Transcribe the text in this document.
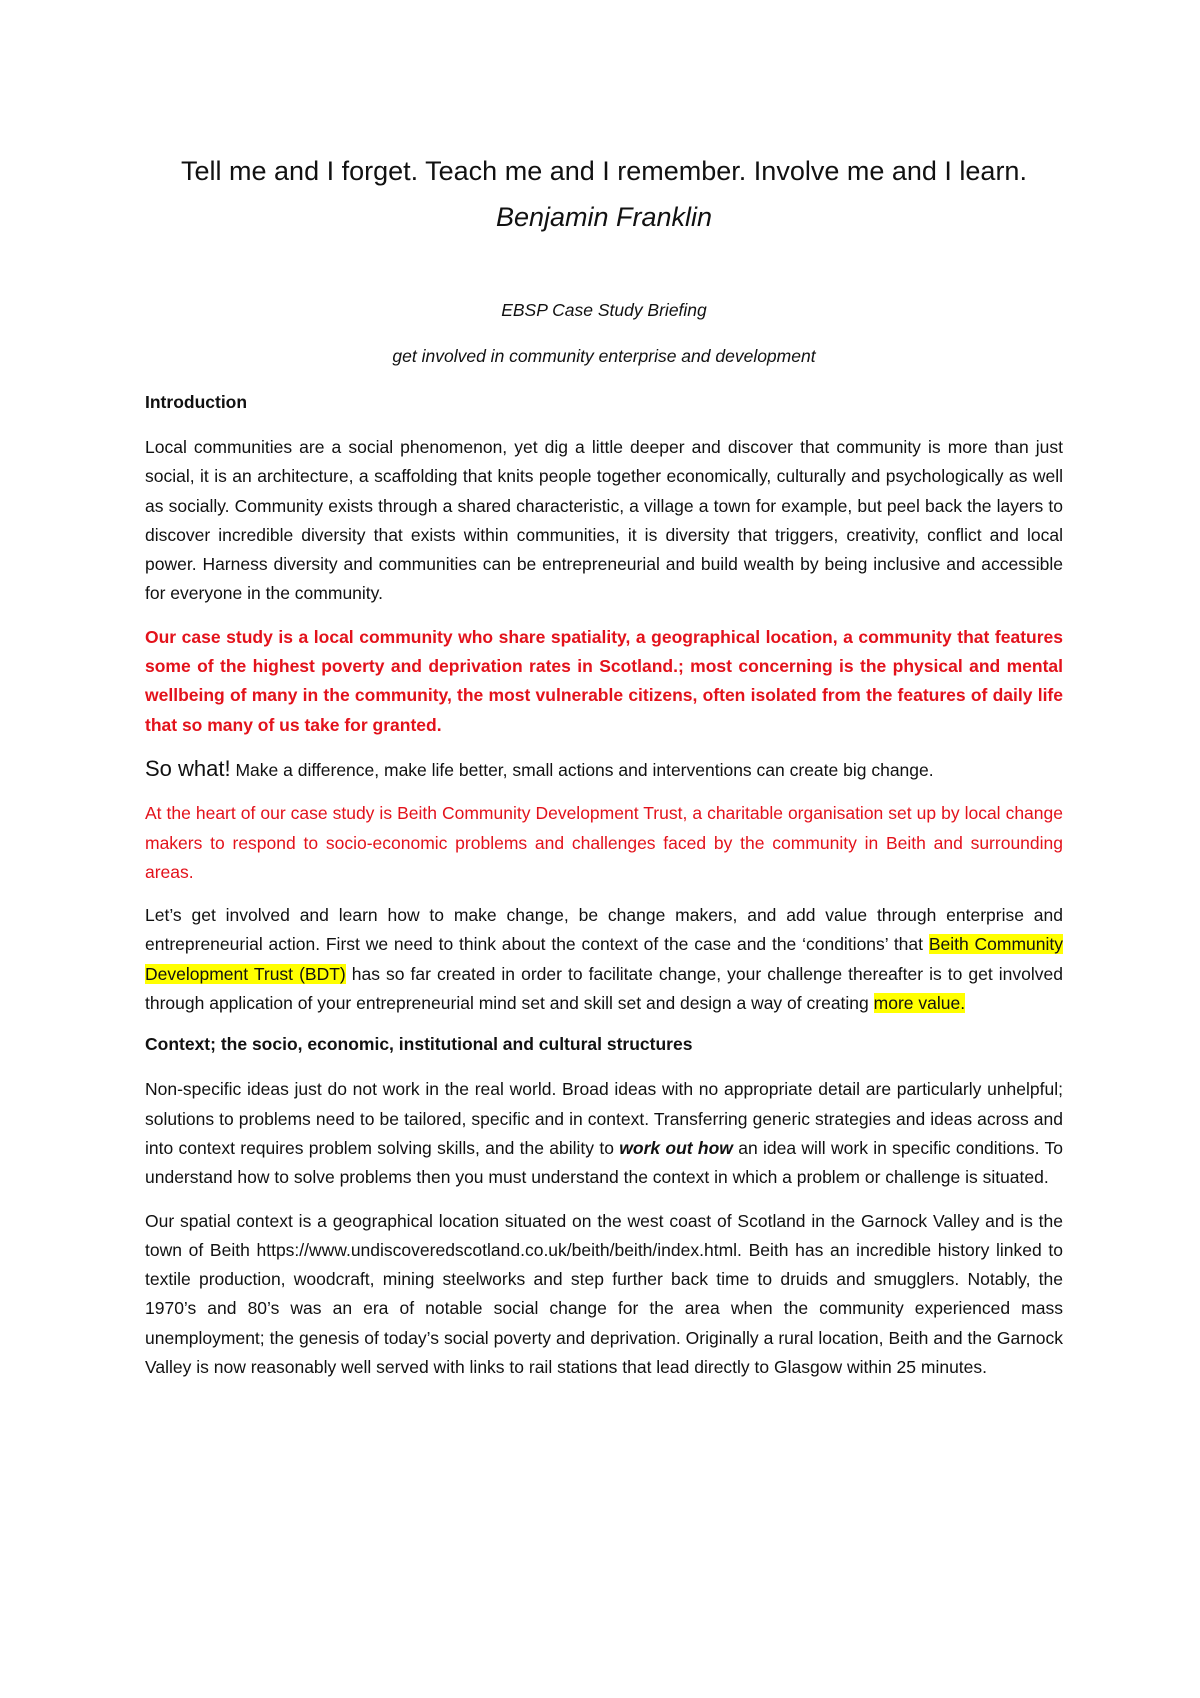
Tell me and I forget. Teach me and I remember. Involve me and I learn. Benjamin Franklin
EBSP Case Study Briefing
get involved in community enterprise and development
Introduction

Local communities are a social phenomenon, yet dig a little deeper and discover that community is more than just social, it is an architecture, a scaffolding that knits people together economically, culturally and psychologically as well as socially. Community exists through a shared characteristic, a village a town for example, but peel back the layers to discover incredible diversity that exists within communities, it is diversity that triggers, creativity, conflict and local power. Harness diversity and communities can be entrepreneurial and build wealth by being inclusive and accessible for everyone in the community.

Our case study is a local community who share spatiality, a geographical location, a community that features some of the highest poverty and deprivation rates in Scotland.; most concerning is the physical and mental wellbeing of many in the community, the most vulnerable citizens, often isolated from the features of daily life that so many of us take for granted.

So what! Make a difference, make life better, small actions and interventions can create big change.

At the heart of our case study is Beith Community Development Trust, a charitable organisation set up by local change makers to respond to socio-economic problems and challenges faced by the community in Beith and surrounding areas.

Let’s get involved and learn how to make change, be change makers, and add value through enterprise and entrepreneurial action. First we need to think about the context of the case and the ‘conditions’ that Beith Community Development Trust (BDT) has so far created in order to facilitate change, your challenge thereafter is to get involved through application of your entrepreneurial mind set and skill set and design a way of creating more value.

Context; the socio, economic, institutional and cultural structures

Non-specific ideas just do not work in the real world. Broad ideas with no appropriate detail are particularly unhelpful; solutions to problems need to be tailored, specific and in context. Transferring generic strategies and ideas across and into context requires problem solving skills, and the ability to work out how an idea will work in specific conditions. To understand how to solve problems then you must understand the context in which a problem or challenge is situated.

Our spatial context is a geographical location situated on the west coast of Scotland in the Garnock Valley and is the town of Beith https://www.undiscoveredscotland.co.uk/beith/beith/index.html. Beith has an incredible history linked to textile production, woodcraft, mining steelworks and step further back time to druids and smugglers. Notably, the 1970’s and 80’s was an era of notable social change for the area when the community experienced mass unemployment; the genesis of today’s social poverty and deprivation. Originally a rural location, Beith and the Garnock Valley is now reasonably well served with links to rail stations that lead directly to Glasgow within 25 minutes.
